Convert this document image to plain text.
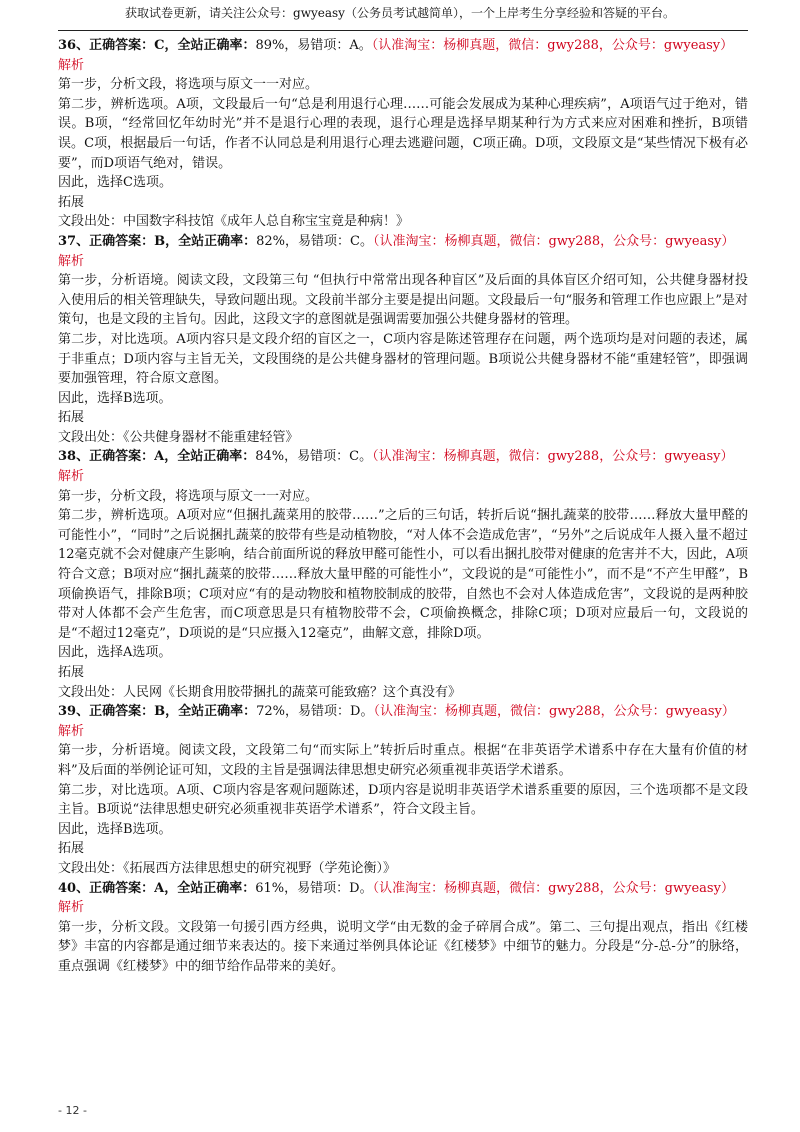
获取试卷更新，请关注公众号：gwyeasy（公务员考试越简单），一个上岸考生分享经验和答疑的平台。

36、正确答案：C，全站正确率：89%，易错项：A。（认准淘宝：杨柳真题，微信：gwy288，公众号：gwyeasy）

解析

第一步，分析文段，将选项与原文一一对应。

第二步，辨析选项。A项，文段最后一句“总是利用退行心理……可能会发展成为某种心理疾病”，A项语气过于绝对，错误。B项，“经常回忆年幼时光”并不是退行心理的表现，退行心理是选择早期某种行为方式来应对困难和挫折，B项错误。C项，根据最后一句话，作者不认同总是利用退行心理去逃避问题，C项正确。D项，文段原文是“某些情况下极有必要”，而D项语气绝对，错误。

因此，选择C选项。

拓展

文段出处：中国数字科技馆《成年人总自称宝宝竟是种病！》

37、正确答案：B，全站正确率：82%，易错项：C。（认准淘宝：杨柳真题，微信：gwy288，公众号：gwyeasy）

解析

第一步，分析语境。阅读文段，文段第三句 “但执行中常常出现各种盲区”及后面的具体盲区介绍可知，公共健身器材投入使用后的相关管理缺失，导致问题出现。文段前半部分主要是提出问题。文段最后一句“服务和管理工作也应跟上”是对策句，也是文段的主旨句。因此，这段文字的意图就是强调需要加强公共健身器材的管理。

第二步，对比选项。A项内容只是文段介绍的盲区之一，C项内容是陈述管理存在问题，两个选项均是对问题的表述，属于非重点；D项内容与主旨无关，文段围绕的是公共健身器材的管理问题。B项说公共健身器材不能“重建轻管”，即强调要加强管理，符合原文意图。

因此，选择B选项。

拓展

文段出处：《公共健身器材不能重建轻管》

38、正确答案：A，全站正确率：84%，易错项：C。（认准淘宝：杨柳真题，微信：gwy288，公众号：gwyeasy）

解析

第一步，分析文段，将选项与原文一一对应。

第二步，辨析选项。A项对应“但捆扎蔬菜用的胶带……”之后的三句话，转折后说“捆扎蔬菜的胶带……释放大量甲醛的可能性小”，“同时”之后说捆扎蔬菜的胶带有些是动植物胶，“对人体不会造成危害”，“另外”之后说成年人摄入量不超过12毫克就不会对健康产生影响，结合前面所说的释放甲醛可能性小，可以看出捆扎胶带对健康的危害并不大，因此，A项符合文意；B项对应“捆扎蔬菜的胶带……释放大量甲醛的可能性小”，文段说的是“可能性小”，而不是“不产生甲醛”，B项偷换语气，排除B项；C项对应“有的是动物胶和植物胶制成的胶带，自然也不会对人体造成危害”，文段说的是两种胶带对人体都不会产生危害，而C项意思是只有植物胶带不会，C项偷换概念，排除C项；D项对应最后一句，文段说的是“不超过12毫克”，D项说的是“只应摄入12毫克”，曲解文意，排除D项。

因此，选择A选项。

拓展

文段出处：人民网《长期食用胶带捆扎的蔬菜可能致癌？这个真没有》

39、正确答案：B，全站正确率：72%，易错项：D。（认准淘宝：杨柳真题，微信：gwy288，公众号：gwyeasy）

解析

第一步，分析语境。阅读文段，文段第二句“而实际上”转折后时重点。根据“在非英语学术谱系中存在大量有价值的材料”及后面的举例论证可知，文段的主旨是强调法律思想史研究必须重视非英语学术谱系。

第二步，对比选项。A项、C项内容是客观问题陈述，D项内容是说明非英语学术谱系重要的原因，三个选项都不是文段主旨。B项说“法律思想史研究必须重视非英语学术谱系”，符合文段主旨。

因此，选择B选项。

拓展

文段出处：《拓展西方法律思想史的研究视野（学苑论衡）》

40、正确答案：A，全站正确率：61%，易错项：D。（认准淘宝：杨柳真题，微信：gwy288，公众号：gwyeasy）

解析

第一步，分析文段。文段第一句援引西方经典，说明文学“由无数的金子碎屑合成”。第二、三句提出观点，指出《红楼梦》丰富的内容都是通过细节来表达的。接下来通过举例具体论证《红楼梦》中细节的魅力。分段是“分-总-分”的脉络，重点强调《红楼梦》中的细节给作品带来的美好。

- 12 -
